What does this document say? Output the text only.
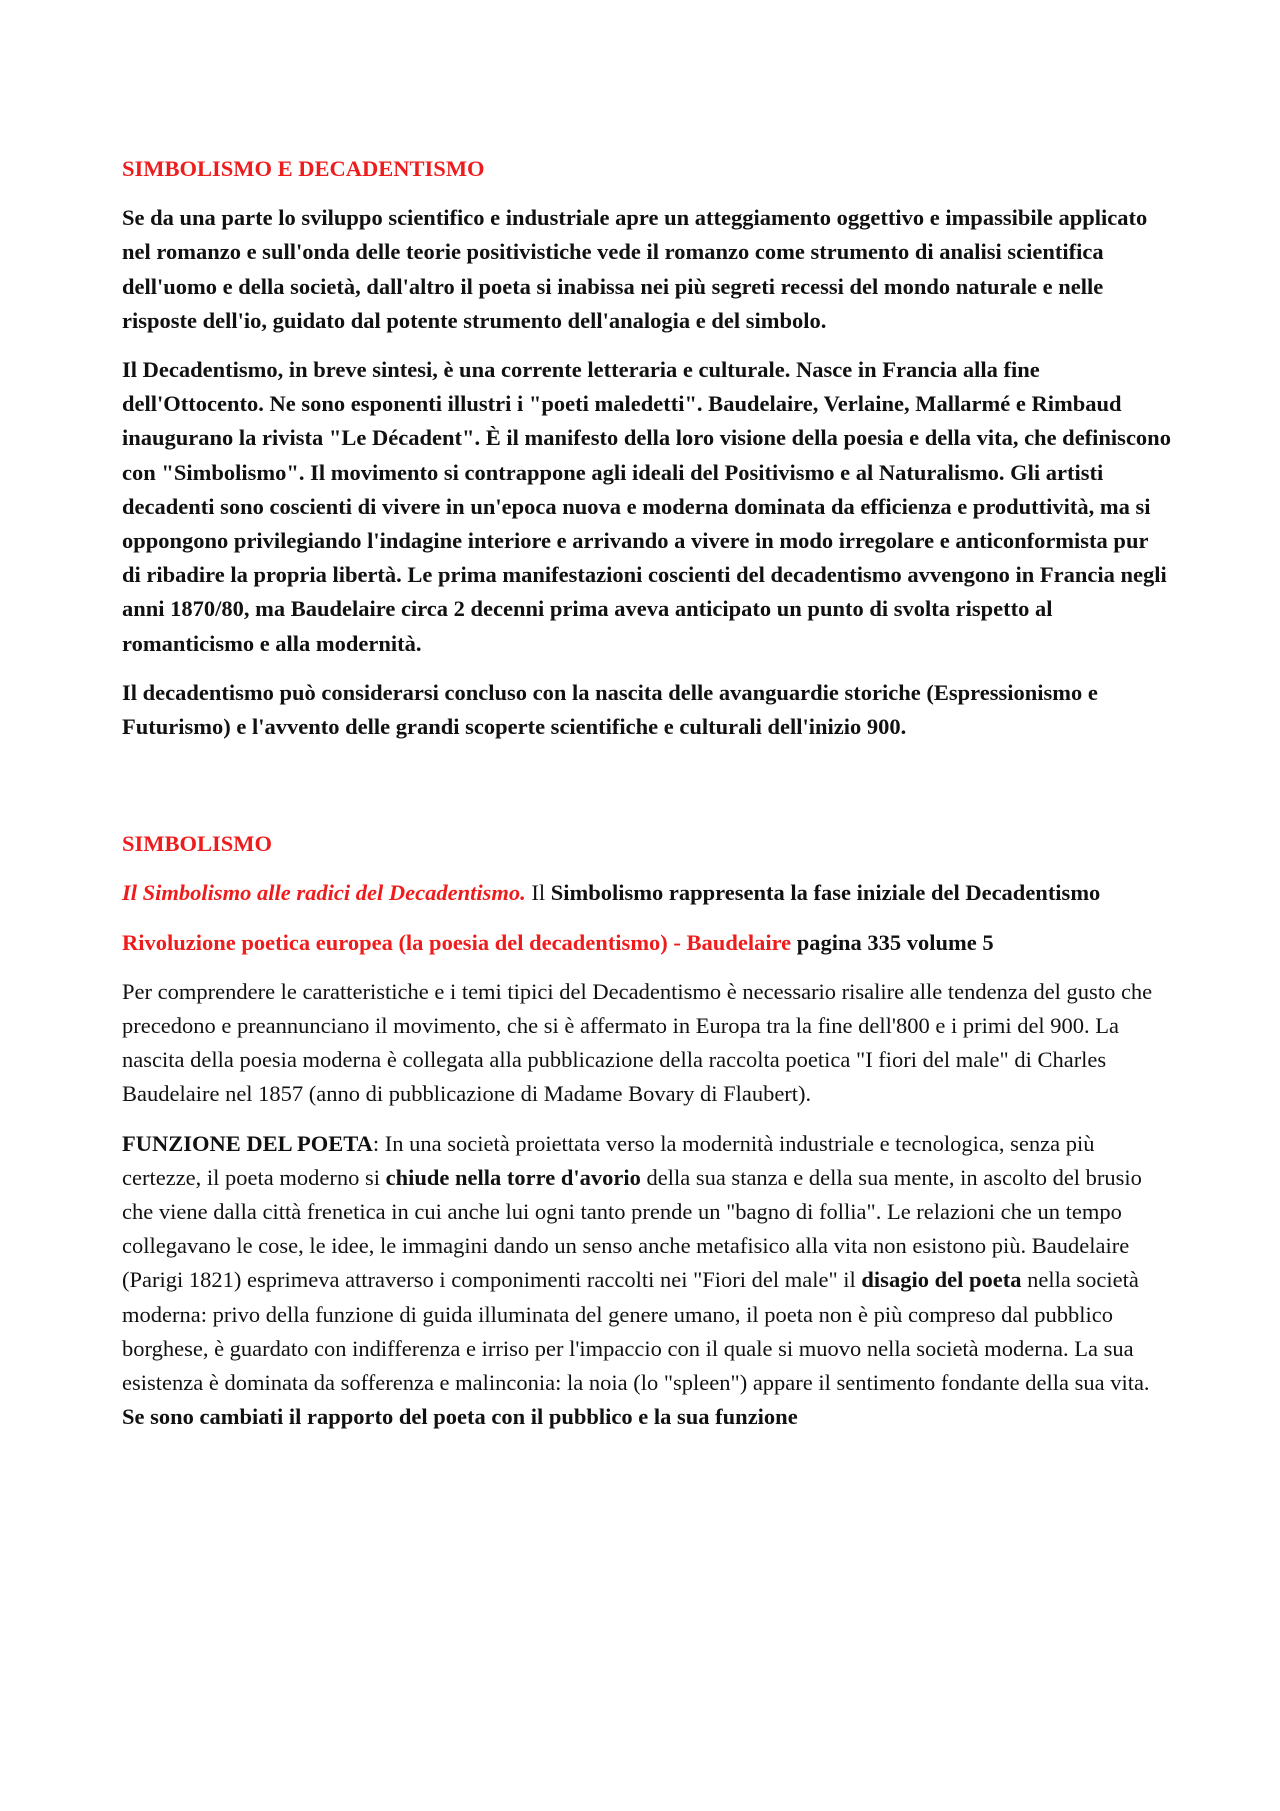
SIMBOLISMO E DECADENTISMO

Se da una parte lo sviluppo scientifico e industriale apre un atteggiamento oggettivo e impassibile applicato nel romanzo e sull'onda delle teorie positivistiche vede il romanzo come strumento di analisi scientifica dell'uomo e della società, dall'altro il poeta si inabissa nei più segreti recessi del mondo naturale e nelle risposte dell'io, guidato dal potente strumento dell'analogia e del simbolo.

Il Decadentismo, in breve sintesi, è una corrente letteraria e culturale. Nasce in Francia alla fine dell'Ottocento. Ne sono esponenti illustri i "poeti maledetti". Baudelaire, Verlaine, Mallarmé e Rimbaud inaugurano la rivista "Le Décadent". È il manifesto della loro visione della poesia e della vita, che definiscono con "Simbolismo". Il movimento si contrappone agli ideali del Positivismo e al Naturalismo. Gli artisti decadenti sono coscienti di vivere in un'epoca nuova e moderna dominata da efficienza e produttività, ma si oppongono privilegiando l'indagine interiore e arrivando a vivere in modo irregolare e anticonformista pur di ribadire la propria libertà. Le prima manifestazioni coscienti del decadentismo avvengono in Francia negli anni 1870/80, ma Baudelaire circa 2 decenni prima aveva anticipato un punto di svolta rispetto al romanticismo e alla modernità.

Il decadentismo può considerarsi concluso con la nascita delle avanguardie storiche (Espressionismo e Futurismo) e l'avvento delle grandi scoperte scientifiche e culturali dell'inizio 900.

SIMBOLISMO

Il Simbolismo alle radici del Decadentismo. Il Simbolismo rappresenta la fase iniziale del Decadentismo

Rivoluzione poetica europea (la poesia del decadentismo) - Baudelaire pagina 335 volume 5

Per comprendere le caratteristiche e i temi tipici del Decadentismo è necessario risalire alle tendenza del gusto che precedono e preannunciano il movimento, che si è affermato in Europa tra la fine dell'800 e i primi del 900. La nascita della poesia moderna è collegata alla pubblicazione della raccolta poetica "I fiori del male" di Charles Baudelaire nel 1857 (anno di pubblicazione di Madame Bovary di Flaubert).

FUNZIONE DEL POETA: In una società proiettata verso la modernità industriale e tecnologica, senza più certezze, il poeta moderno si chiude nella torre d'avorio della sua stanza e della sua mente, in ascolto del brusio che viene dalla città frenetica in cui anche lui ogni tanto prende un "bagno di follia". Le relazioni che un tempo collegavano le cose, le idee, le immagini dando un senso anche metafisico alla vita non esistono più. Baudelaire (Parigi 1821) esprimeva attraverso i componimenti raccolti nei "Fiori del male" il disagio del poeta nella società moderna: privo della funzione di guida illuminata del genere umano, il poeta non è più compreso dal pubblico borghese, è guardato con indifferenza e irriso per l'impaccio con il quale si muovo nella società moderna. La sua esistenza è dominata da sofferenza e malinconia: la noia (lo "spleen") appare il sentimento fondante della sua vita. Se sono cambiati il rapporto del poeta con il pubblico e la sua funzione
